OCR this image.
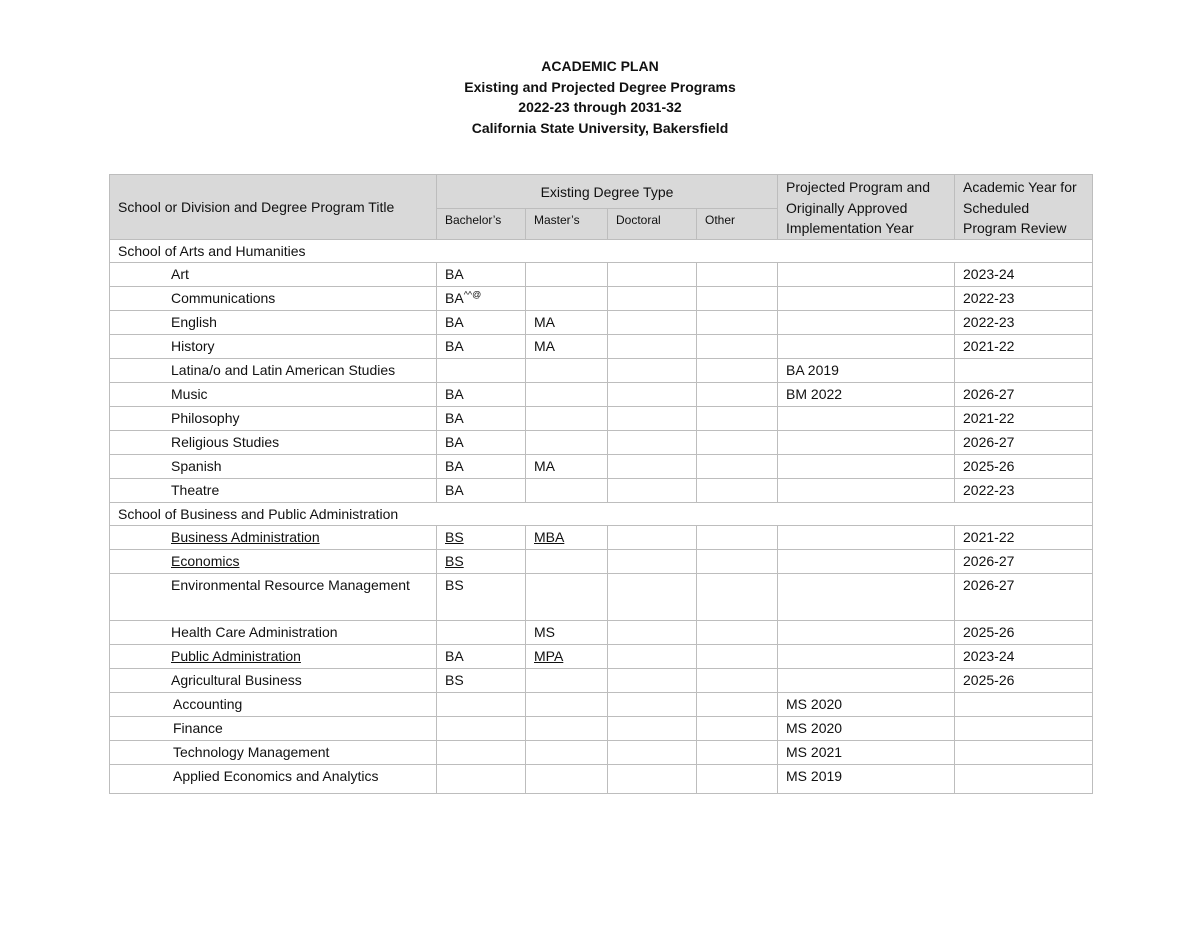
ACADEMIC PLAN
Existing and Projected Degree Programs
2022-23 through 2031-32
California State University, Bakersfield
School or Division and Degree Program Title	Existing Degree Type				Projected Program and Originally Approved Implementation Year	Academic Year for Scheduled Program Review
	Bachelor’s	Master’s	Doctoral	Other		
School of Arts and Humanities						
Art	BA					2023-24
Communications	BA^^@					2022-23
English	BA	MA				2022-23
History	BA	MA				2021-22
Latina/o and Latin American Studies					BA 2019	
Music	BA				BM 2022	2026-27
Philosophy	BA					2021-22
Religious Studies	BA					2026-27
Spanish	BA	MA				2025-26
Theatre	BA					2022-23
School of Business and Public Administration						
Business Administration	BS	MBA				2021-22
Economics	BS					2026-27
Environmental Resource Management	BS					2026-27
Health Care Administration		MS				2025-26
Public Administration	BA	MPA				2023-24
Agricultural Business	BS					2025-26
Accounting					MS 2020	
Finance					MS 2020	
Technology Management					MS 2021	
Applied Economics and Analytics					MS 2019	
